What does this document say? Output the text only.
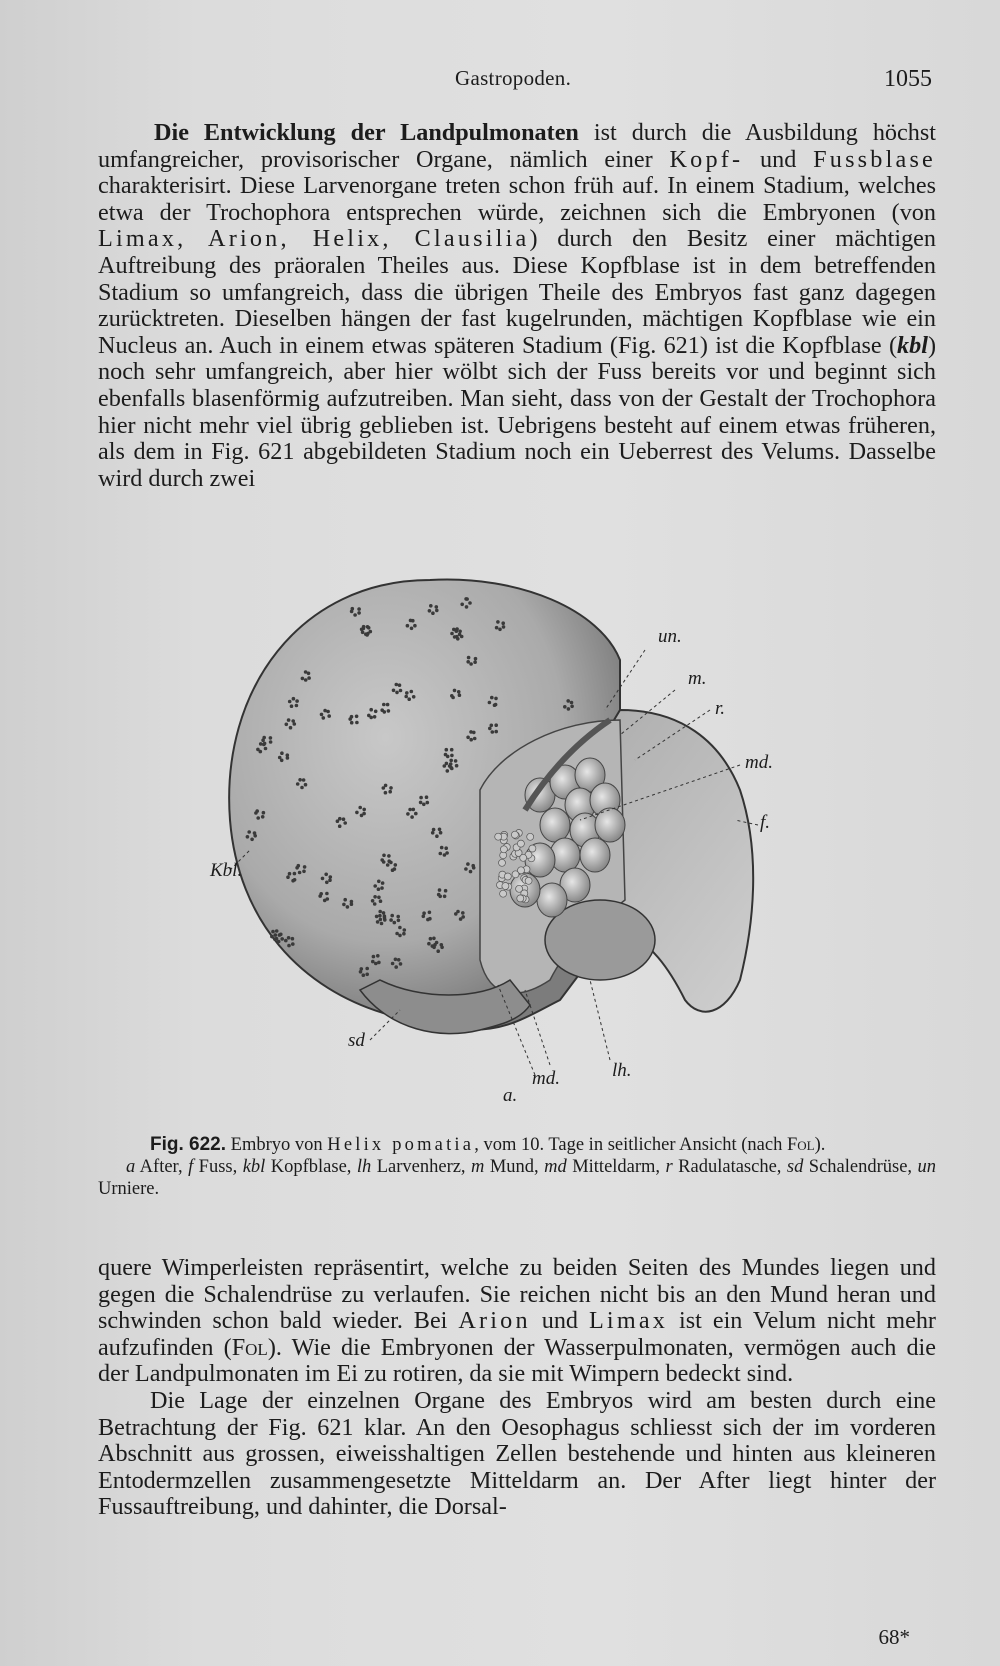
Gastropoden.	1055

Die Entwicklung der Landpulmonaten ist durch die Ausbildung höchst umfangreicher, provisorischer Organe, nämlich einer Kopf- und Fussblase charakterisirt. Diese Larvenorgane treten schon früh auf. In einem Stadium, welches etwa der Trochophora entsprechen würde, zeichnen sich die Embryonen (von Limax, Arion, Helix, Clausilia) durch den Besitz einer mächtigen Auftreibung des präoralen Theiles aus. Diese Kopfblase ist in dem betreffenden Stadium so umfangreich, dass die übrigen Theile des Embryos fast ganz dagegen zurücktreten. Dieselben hängen der fast kugelrunden, mächtigen Kopfblase wie ein Nucleus an. Auch in einem etwas späteren Stadium (Fig. 621) ist die Kopfblase (kbl) noch sehr umfangreich, aber hier wölbt sich der Fuss bereits vor und beginnt sich ebenfalls blasenförmig aufzutreiben. Man sieht, dass von der Gestalt der Trochophora hier nicht mehr viel übrig geblieben ist. Uebrigens besteht auf einem etwas früheren, als dem in Fig. 621 abgebildeten Stadium noch ein Ueberrest des Velums. Dasselbe wird durch zwei

un.
m.
r.
md.
f.
Kbl.
sd
md.
a.
lh.

Fig. 622. Embryo von Helix pomatia, vom 10. Tage in seitlicher Ansicht (nach Fol).

a After, f Fuss, kbl Kopfblase, lh Larvenherz, m Mund, md Mitteldarm, r Radulatasche, sd Schalendrüse, un Urniere.

quere Wimperleisten repräsentirt, welche zu beiden Seiten des Mundes liegen und gegen die Schalendrüse zu verlaufen. Sie reichen nicht bis an den Mund heran und schwinden schon bald wieder. Bei Arion und Limax ist ein Velum nicht mehr aufzufinden (Fol). Wie die Embryonen der Wasserpulmonaten, vermögen auch die der Landpulmonaten im Ei zu rotiren, da sie mit Wimpern bedeckt sind.

Die Lage der einzelnen Organe des Embryos wird am besten durch eine Betrachtung der Fig. 621 klar. An den Oesophagus schliesst sich der im vorderen Abschnitt aus grossen, eiweisshaltigen Zellen bestehende und hinten aus kleineren Entodermzellen zusammengesetzte Mitteldarm an. Der After liegt hinter der Fussauftreibung, und dahinter, die Dorsal-

68*
